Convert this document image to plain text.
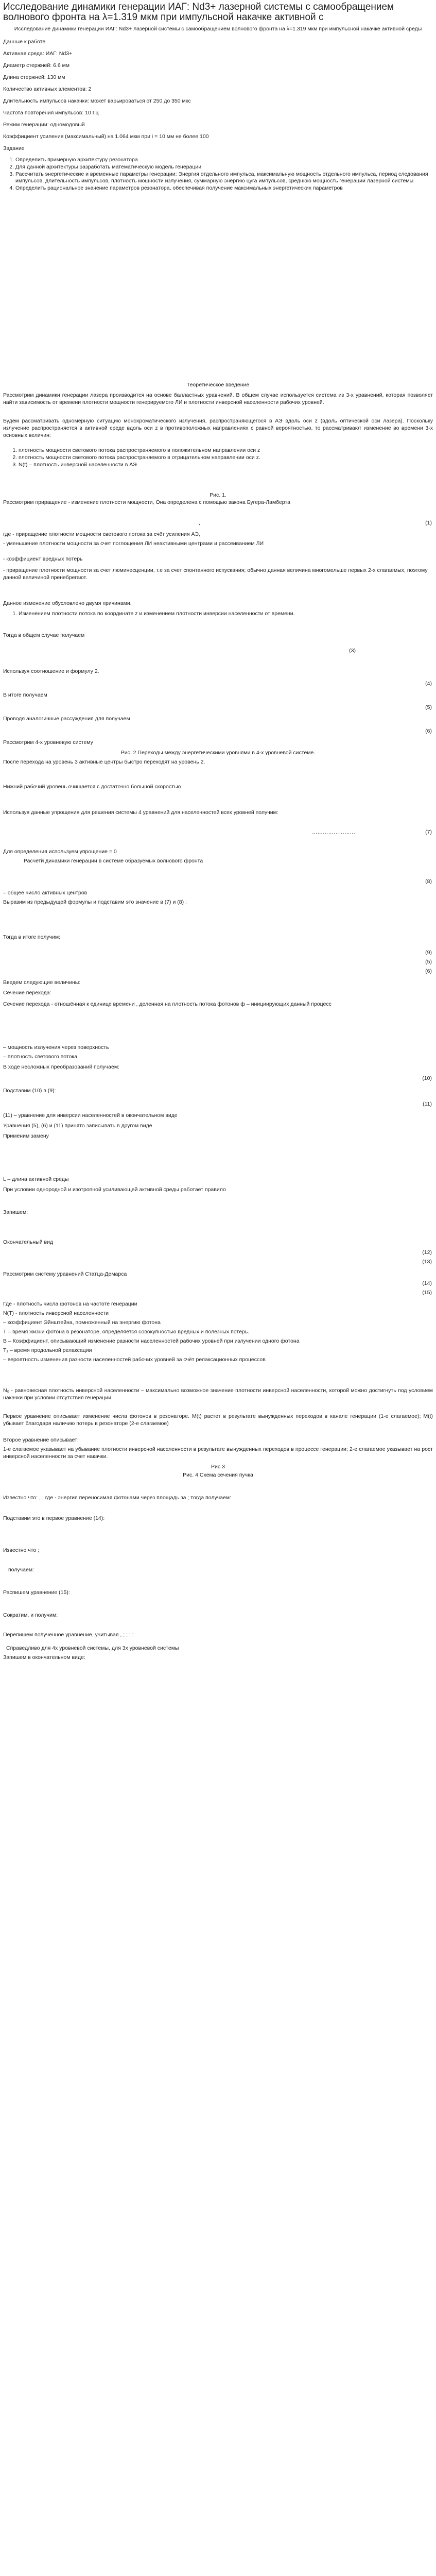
Исследование динамики генерации ИАГ: Nd3+ лазерной системы с самообращением волнового фронта на λ=1.319 мкм при импульсной накачке активной с
Исследование динамики генерации ИАГ: Nd3+ лазерной системы с самообращением волнового фронта на λ=1.319 мкм при импульсной накачке активной среды
Данные к работе
Активная среда: ИАГ: Nd3+
Диаметр стержней: 6.6 мм
Длина стержней: 130 мм
Количество активных элементов: 2
Длительность импульсов накачки: может варьироваться от 250 до 350 мкс
Частота повторения импульсов: 10 Гц
Режим генерации: одномодовый
Коэффициент усиления (максимальный) на 1.064 мкм при i = 10 мм не более 100
Задание
1. Определить примерную архитектуру резонатора
2. Для данной архитектуры разработать математическую модель генерации
3. Рассчитать энергетические и временные параметры генерации: Энергия отдельного импульса, максимальную мощность отдельного импульса, период следования импульсов, длительность импульсов, плотность мощности излучения, суммарную энергию цуга импульсов, среднюю мощность генерации лазерной системы
4. Определить рациональное значение параметров резонатора, обеспечивая получение максимальных энергетических параметров
Теоретическое введение
Рассмотрим динамики генерации лазера производится на основе балластных уравнений. В общем случае используется система из 3-х уравнений, которая позволяет найти зависимость от времени плотности мощности генерируемого ЛИ и плотности инверсной населенности рабочих уровней.
Будем рассматривать одномерную ситуацию монохроматического излучения, распространяющегося в АЭ вдоль оси z (вдоль оптической оси лазера). Поскольку излучение распространяется в активной среде вдоль оси z в противоположных направлениях с равной вероятностью, то рассматривают изменение во времени 3-х основных величин:
1. плотность мощности светового потока распространяемого в положительном направлении оси z
2. плотность мощности светового потока распространяемого в отрицательном направлении оси z.
3. N(t) – плотность инверсной населенности в АЭ.
Рис. 1.
Рассмотрим приращение - изменение плотности мощности, Она определена с помощью закона Бугера-Ламберта
,	(1)
где - приращение плотности мощности светового потока за счёт усиления АЭ,
- уменьшение плотности мощности за счет поглощения ЛИ неактивными центрами и рассеиванием ЛИ
- коэффициент вредных потерь
- приращение плотности мощности за счет люминесценции, т.е за счет спонтанного испускания; обычно данная величина многомельше первых 2-х слагаемых, поэтому данной величиной пренебрегают.
Данное изменение обусловлено двумя причинами.
1. Изменением плотности потока по координате z и изменением плотности инверсии населенности от времени.
Тогда в общем случае получаем
(3)
Используя соотношение и формулу 2.
(4)
В итоге получаем
(5)
Проводя аналогичные рассуждения для получаем
(6)
Рассмотрим 4-х уровневую систему
Рис. 2 Переходы между энергетическими уровнями в 4-х уровневой системе.
После перехода на уровень 3 активные центры быстро переходят на уровень 2.
Нижний рабочий уровень очищается с достаточно большой скоростью
Используя данные упрощения для решения системы 4 уравнений для населенностей всех уровней получим:
……………………	(7)
Для определения используем упрощение = 0
Расчетй динамики генерации в системе образуемых волнового фронта
(8)
– общее число активных центров
Выразим из предыдущей формулы и подставим это значение в (7) и (8) :
Тогда в итоге получим:
(9)
(5)
(6)
Введем следующие величины:
Сечение перехода:
Сечение перехода - отношённая к единице времени , деленная на плотность потока фотонов ф – инициирующих данный процесс
– мощность излучения через поверхность
– плотность светового потока
В ходе несложных преобразований получаем:
(10)
Подставим (10) в (9):
(11)
(11) – уравнение для инверсии населенностей в окончательном виде
Уравнения (5), (6) и (11) принято записывать в другом виде
Применим замену
L – длина активной среды
При условии однородной и изотропной усиливающей активной среды работает правило
Запишем:
Окончательный вид
(12)
(13)
Рассмотрим систему уравнений Статца-Демарса
(14)
(15)
Где - плотность числа фотонов на частоте генерации
N(T) - плотность инверсной населенности
– коэффициент Эйнштейна, помноженный на энергию фотона
Т – время жизни фотона в резонаторе, определяется совокупностью вредных и полезных потерь.
В – Коэффициент, описывающий изменение разности населенностей рабочих уровней при излучении одного фотона
T₁ – время продольной релаксации
– вероятность изменения разности населенностей рабочих уровней за счёт релаксационных процессов
N₀ - равновесная плотность инверсной населенности – максимально возможное значение плотности инверсной населенности, которой можно достигнуть под условием накачки при условии отсутствия генерации.
Первое уравнение описывает изменение числа фотонов в резонаторе. M(t) растет в результате вынужденных переходов в канале генерации (1-е слагаемое); M(t) убывает благодаря наличию потерь в резонаторе (2-е слагаемое)
Второе уравнение описывает:
1-е слагаемое указывает на убывание плотности инверсной населенности в результате вынужденных переходов в процессе генерации; 2-е слагаемое указывает на рост инверсной населенности за счет накачки.
Рис 3
Рис. 4 Схема сечения пучка
Известно что: , ; где - энергия переносимая фотонами через площадь за ; тогда получаем:
Подставим это в первое уравнение (14):
Известно что ;
получаем:
Распишем уравнение (15):
Сократим, и получим:
Перепишем полученное уравнение, учитывая , ; ; ; :
Справедливо для 4х уровневой системы, для 3х уровневой системы
Запишем в окончательном виде:
